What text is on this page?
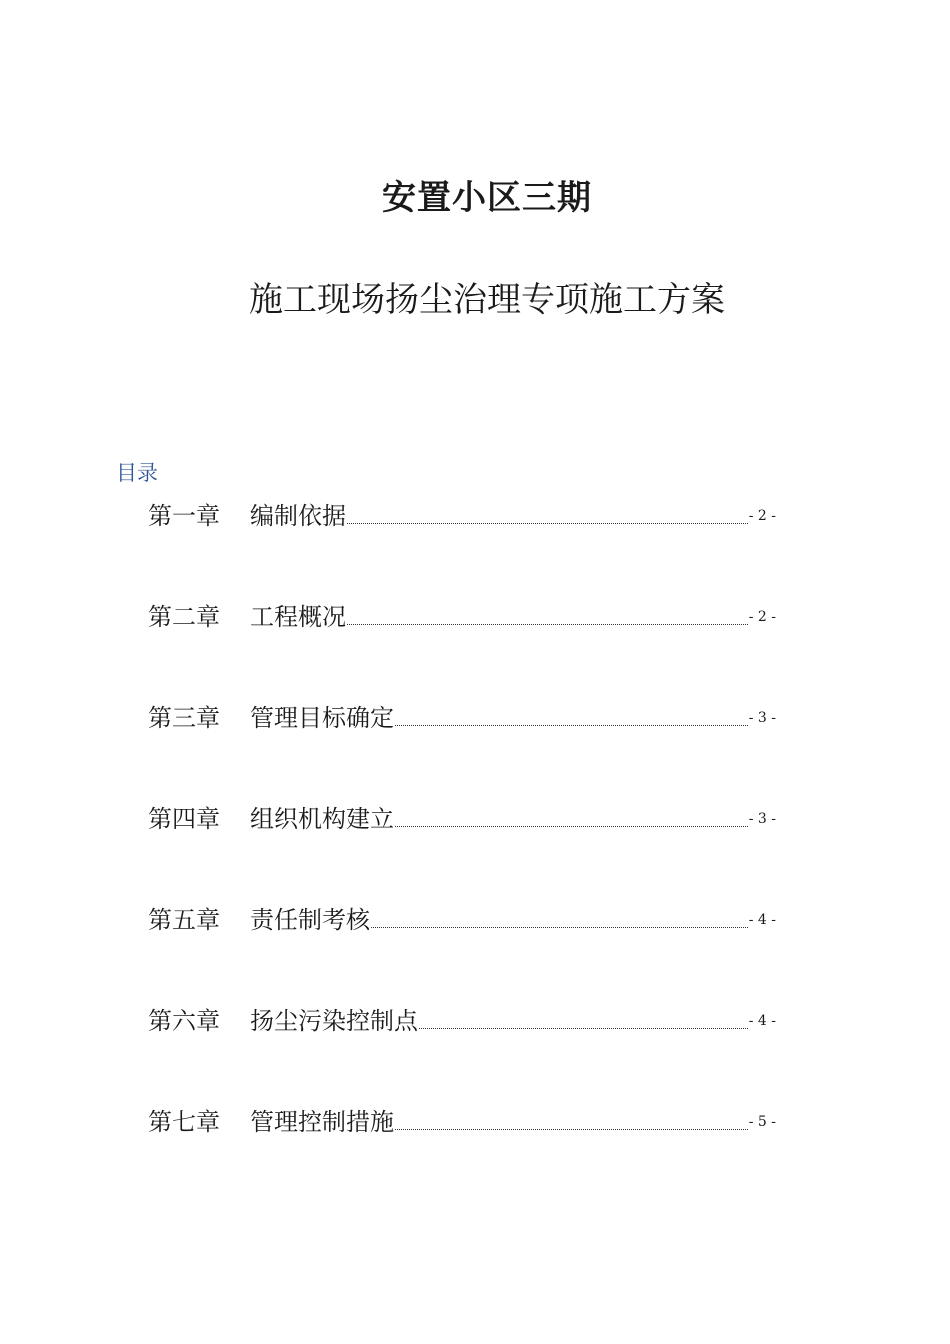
安置小区三期
施工现场扬尘治理专项施工方案
目录
第一章	编制依据	- 2 -
第二章	工程概况	- 2 -
第三章	管理目标确定	- 3 -
第四章	组织机构建立	- 3 -
第五章	责任制考核	- 4 -
第六章	扬尘污染控制点	- 4 -
第七章	管理控制措施	- 5 -
